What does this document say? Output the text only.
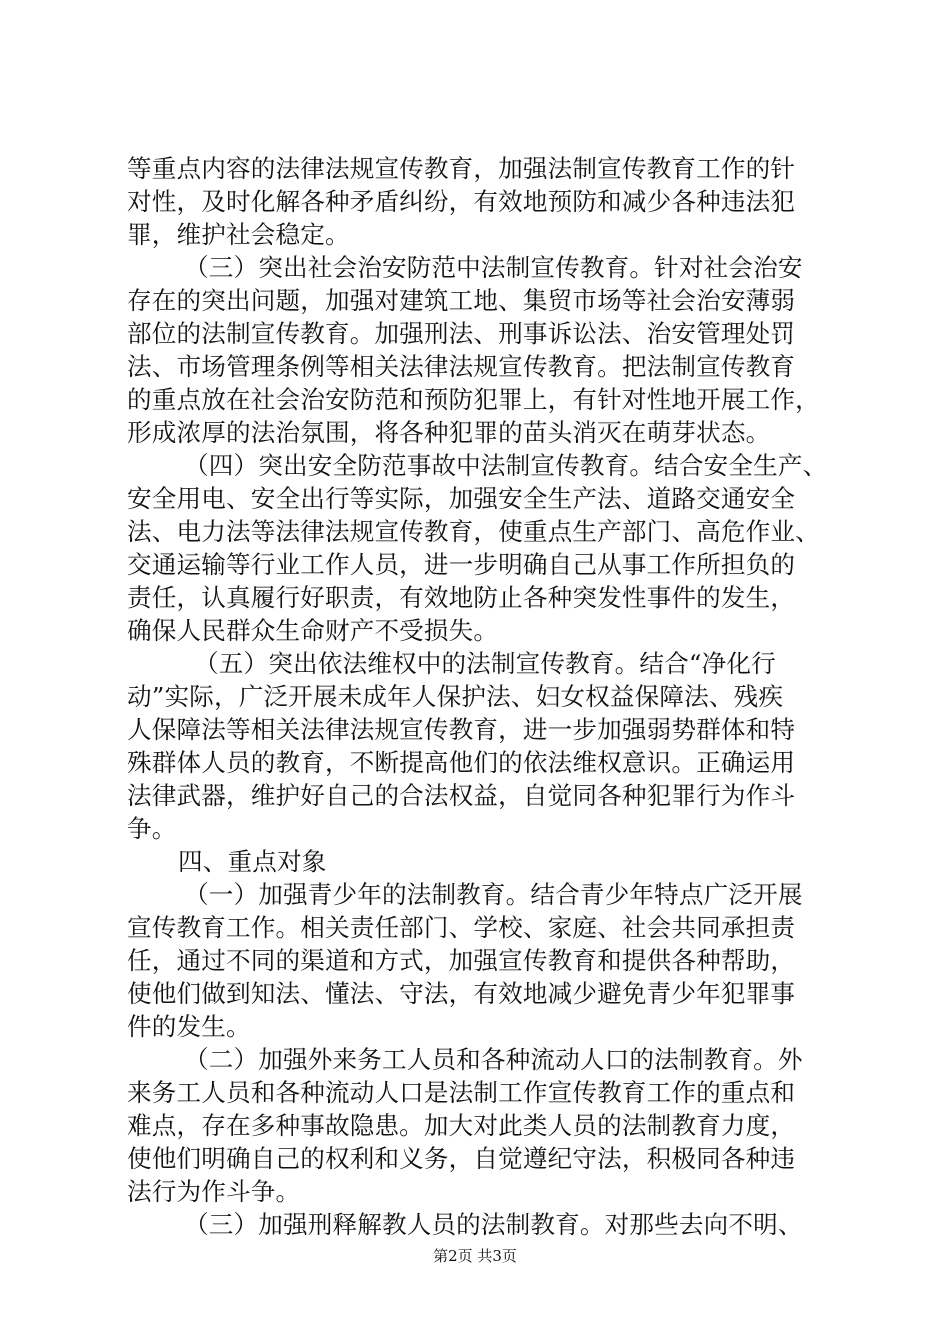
等重点内容的法律法规宣传教育，加强法制宣传教育工作的针
对性，及时化解各种矛盾纠纷，有效地预防和减少各种违法犯
罪，维护社会稳定。
（三）突出社会治安防范中法制宣传教育。针对社会治安
存在的突出问题，加强对建筑工地、集贸市场等社会治安薄弱
部位的法制宣传教育。加强刑法、刑事诉讼法、治安管理处罚
法、市场管理条例等相关法律法规宣传教育。把法制宣传教育
的重点放在社会治安防范和预防犯罪上，有针对性地开展工作，
形成浓厚的法治氛围，将各种犯罪的苗头消灭在萌芽状态。
（四）突出安全防范事故中法制宣传教育。结合安全生产、
安全用电、安全出行等实际，加强安全生产法、道路交通安全
法、电力法等法律法规宣传教育，使重点生产部门、高危作业、
交通运输等行业工作人员，进一步明确自己从事工作所担负的
责任，认真履行好职责，有效地防止各种突发性事件的发生，
确保人民群众生命财产不受损失。
（五）突出依法维权中的法制宣传教育。结合“净化行
动”实际，广泛开展未成年人保护法、妇女权益保障法、残疾
人保障法等相关法律法规宣传教育，进一步加强弱势群体和特
殊群体人员的教育，不断提高他们的依法维权意识。正确运用
法律武器，维护好自己的合法权益，自觉同各种犯罪行为作斗
争。
四、重点对象
（一）加强青少年的法制教育。结合青少年特点广泛开展
宣传教育工作。相关责任部门、学校、家庭、社会共同承担责
任，通过不同的渠道和方式，加强宣传教育和提供各种帮助，
使他们做到知法、懂法、守法，有效地减少避免青少年犯罪事
件的发生。
（二）加强外来务工人员和各种流动人口的法制教育。外
来务工人员和各种流动人口是法制工作宣传教育工作的重点和
难点，存在多种事故隐患。加大对此类人员的法制教育力度，
使他们明确自己的权利和义务，自觉遵纪守法，积极同各种违
法行为作斗争。
（三）加强刑释解教人员的法制教育。对那些去向不明、
第2页 共3页
